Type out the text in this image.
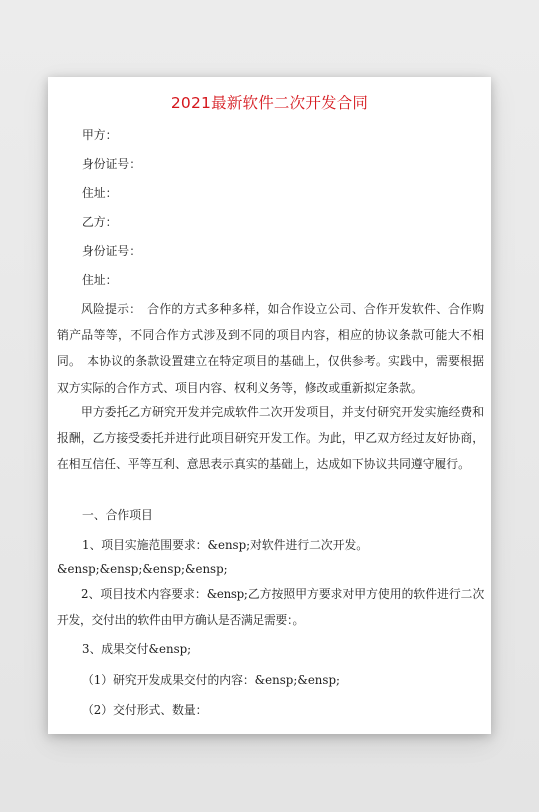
2021最新软件二次开发合同
甲方：
身份证号：
住址：
乙方：
身份证号：
住址：
风险提示：　合作的方式多种多样，如合作设立公司、合作开发软件、合作购销产品等等，不同合作方式涉及到不同的项目内容，相应的协议条款可能大不相同。　本协议的条款设置建立在特定项目的基础上，仅供参考。实践中，需要根据双方实际的合作方式、项目内容、权利义务等，修改或重新拟定条款。
甲方委托乙方研究开发并完成软件二次开发项目，并支付研究开发实施经费和报酬，乙方接受委托并进行此项目研究开发工作。为此，甲乙双方经过友好协商，在相互信任、平等互利、意思表示真实的基础上，达成如下协议共同遵守履行。
一、合作项目
1、项目实施范围要求：&ensp;对软件进行二次开发。
&ensp;&ensp;&ensp;&ensp;
2、项目技术内容要求：&ensp;乙方按照甲方要求对甲方使用的软件进行二次开发，交付出的软件由甲方确认是否满足需要：。
3、成果交付&ensp;
（1）研究开发成果交付的内容：&ensp;&ensp;
（2）交付形式、数量：
